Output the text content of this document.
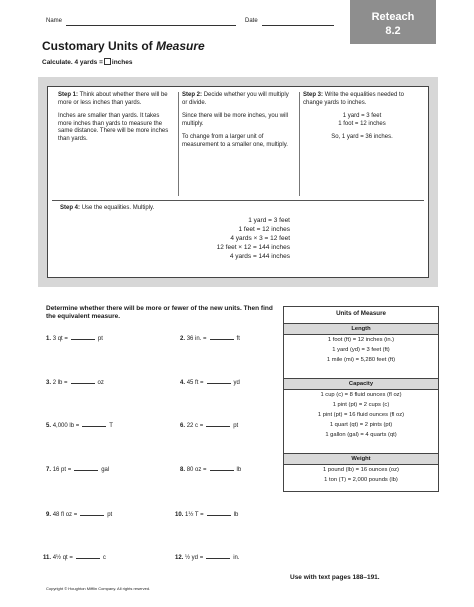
Name	Date	Reteach
8.2
Customary Units of Measure
Calculate. 4 yards = inches

Step 1: Think about whether there will be more or less inches than yards.

Inches are smaller than yards. It takes more inches than yards to measure the same distance. There will be more inches than yards.

Step 2: Decide whether you will multiply or divide.

Since there will be more inches, you will multiply.

To change from a larger unit of measurement to a smaller one, multiply.

Step 3: Write the equalities needed to change yards to inches.

1 yard = 3 feet
1 foot = 12 inches
So, 1 yard = 36 inches.
Step 4: Use the equalities. Multiply.
1 yard = 3 feet
1 feet = 12 inches
4 yards × 3 = 12 feet
12 feet × 12 = 144 inches
4 yards = 144 inches
Determine whether there will be more or fewer of the new units. Then find the equivalent measure.
1. 3 qt =	pt	2. 36 in. =	ft
3. 2 lb =	oz	4. 45 ft =	yd
5. 4,000 lb =	T	6. 22 c =	pt
7. 16 pt =	gal	8. 80 oz =	lb
9. 48 fl oz =	pt	10. 1½ T =	lb
11. 4½ qt =	c	12. ½ yd =	in.
Units of Measure
Length
1 foot (ft) = 12 inches (in.)
1 yard (yd) = 3 feet (ft)
1 mile (mi) = 5,280 feet (ft)
Capacity
1 cup (c) = 8 fluid ounces (fl oz)
1 pint (pt) = 2 cups (c)
1 pint (pt) = 16 fluid ounces (fl oz)
1 quart (qt) = 2 pints (pt)
1 gallon (gal) = 4 quarts (qt)
Weight
1 pound (lb) = 16 ounces (oz)
1 ton (T) = 2,000 pounds (lb)
Use with text pages 188–191.
Copyright © Houghton Mifflin Company. All rights reserved.
